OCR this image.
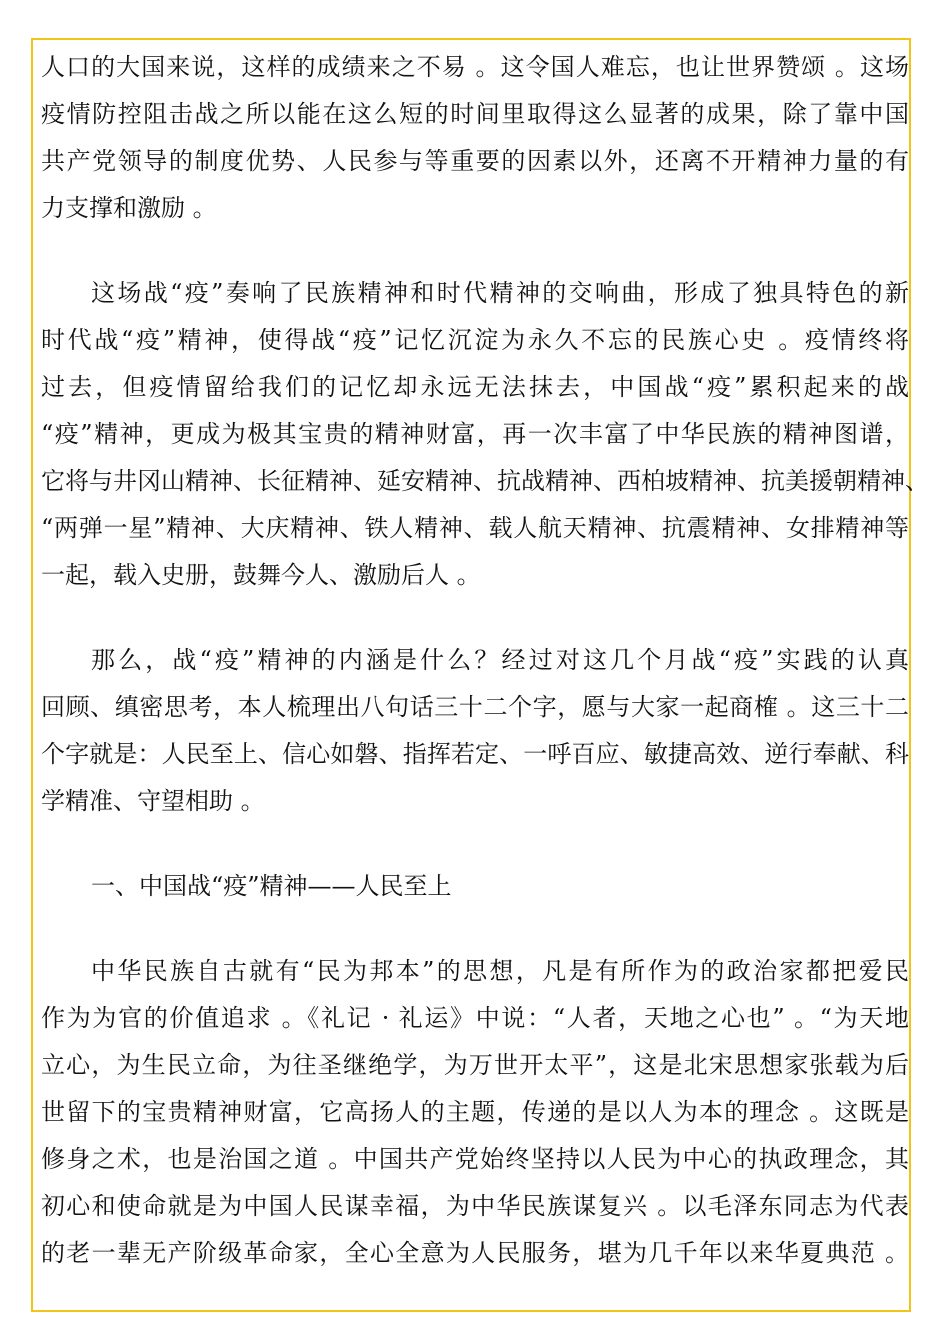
人口的大国来说，这样的成绩来之不易 。这令国人难忘，也让世界赞颂 。这场
疫情防控阻击战之所以能在这么短的时间里取得这么显著的成果，除了靠中国
共产党领导的制度优势、人民参与等重要的因素以外，还离不开精神力量的有
力支撑和激励 。
这场战“疫”奏响了民族精神和时代精神的交响曲，形成了独具特色的新
时代战“疫”精神，使得战“疫”记忆沉淀为永久不忘的民族心史 。疫情终将
过去，但疫情留给我们的记忆却永远无法抹去，中国战“疫”累积起来的战
“疫”精神，更成为极其宝贵的精神财富，再一次丰富了中华民族的精神图谱，
它将与井冈山精神、长征精神、延安精神、抗战精神、西柏坡精神、抗美援朝精神、
“两弹一星”精神、大庆精神、铁人精神、载人航天精神、抗震精神、女排精神等
一起，载入史册，鼓舞今人、激励后人 。
那么，战“疫”精神的内涵是什么？经过对这几个月战“疫”实践的认真
回顾、缜密思考，本人梳理出八句话三十二个字，愿与大家一起商榷 。这三十二
个字就是：人民至上、信心如磐、指挥若定、一呼百应、敏捷高效、逆行奉献、科
学精准、守望相助 。
一、中国战“疫”精神——人民至上
中华民族自古就有“民为邦本”的思想，凡是有所作为的政治家都把爱民
作为为官的价值追求 。《礼记 · 礼运》中说：“人者，天地之心也” 。“为天地
立心，为生民立命，为往圣继绝学，为万世开太平”，这是北宋思想家张载为后
世留下的宝贵精神财富，它高扬人的主题，传递的是以人为本的理念 。这既是
修身之术，也是治国之道 。中国共产党始终坚持以人民为中心的执政理念，其
初心和使命就是为中国人民谋幸福，为中华民族谋复兴 。以毛泽东同志为代表
的老一辈无产阶级革命家，全心全意为人民服务，堪为几千年以来华夏典范 。
